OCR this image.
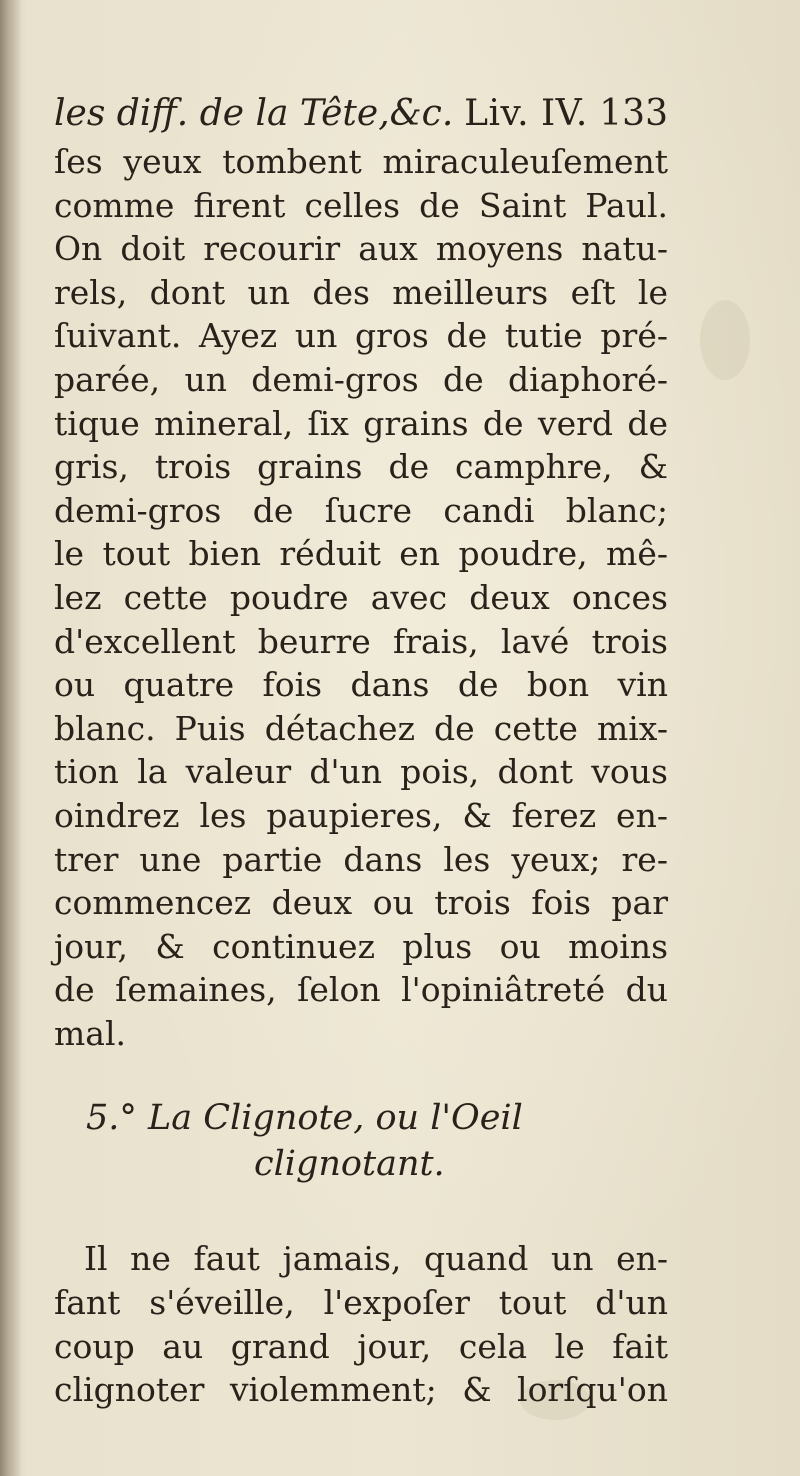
les diff. de la Tête,&c. Liv. IV. 133
ſes yeux tombent miraculeuſement
comme firent celles de Saint Paul.
On doit recourir aux moyens natu-
rels, dont un des meilleurs eſt le
ſuivant. Ayez un gros de tutie pré-
parée, un demi-gros de diaphoré-
tique mineral, ſix grains de verd de
gris, trois grains de camphre, &
demi-gros de ſucre candi blanc;
le tout bien réduit en poudre, mê-
lez cette poudre avec deux onces
d'excellent beurre frais, lavé trois
ou quatre fois dans de bon vin
blanc. Puis détachez de cette mix-
tion la valeur d'un pois, dont vous
oindrez les paupieres, & ferez en-
trer une partie dans les yeux; re-
commencez deux ou trois fois par
jour, & continuez plus ou moins
de ſemaines, ſelon l'opiniâtreté du
mal.
5.° La Clignote, ou l'Oeil
clignotant.
Il ne faut jamais, quand un en-
fant s'éveille, l'expoſer tout d'un
coup au grand jour, cela le fait
clignoter violemment; & lorſqu'on
